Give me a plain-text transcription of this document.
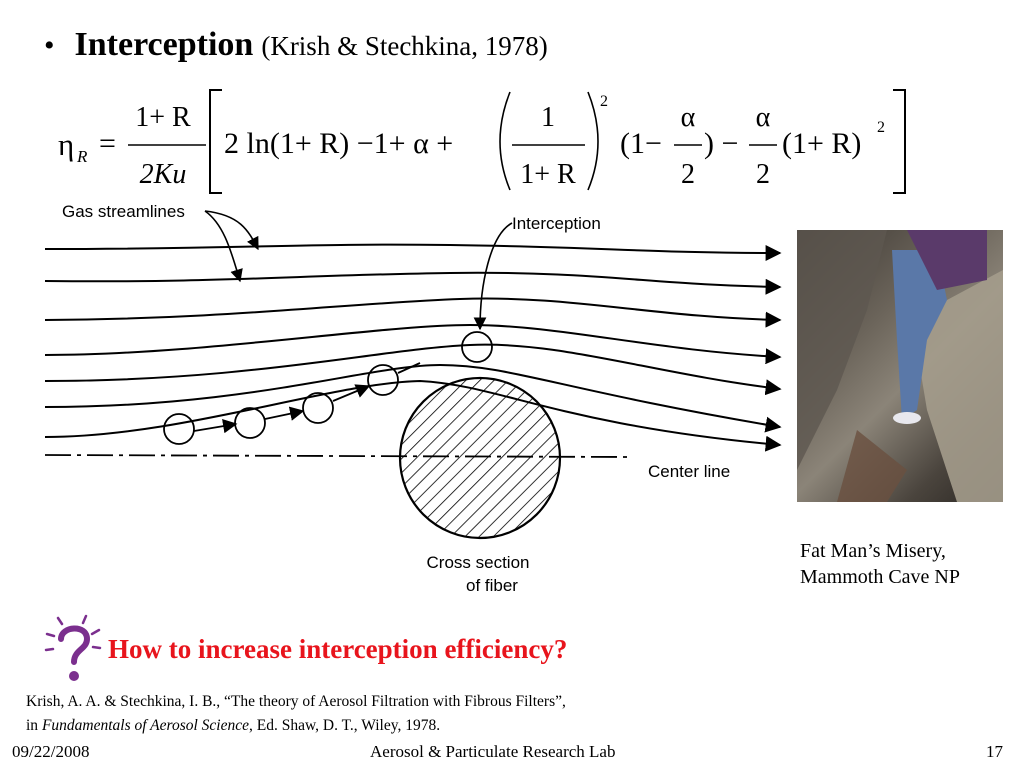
• Interception (Krish & Stechkina, 1978)
η R =
1+ R
2Ku
2 ln(1+ R) −1+ α +
1
1+ R
2
(1−
α
2
) −
α
2
(1+ R) 2
Gas streamlines
Interception
Center line
Cross section
of fiber
Fat Man’s Misery,
Mammoth Cave NP
How to increase interception efficiency?
Krish, A. A. & Stechkina, I. B., “The theory of Aerosol Filtration with Fibrous Filters”,
in Fundamentals of Aerosol Science, Ed. Shaw, D. T., Wiley, 1978.
09/22/2008	Aerosol & Particulate Research Lab	17
